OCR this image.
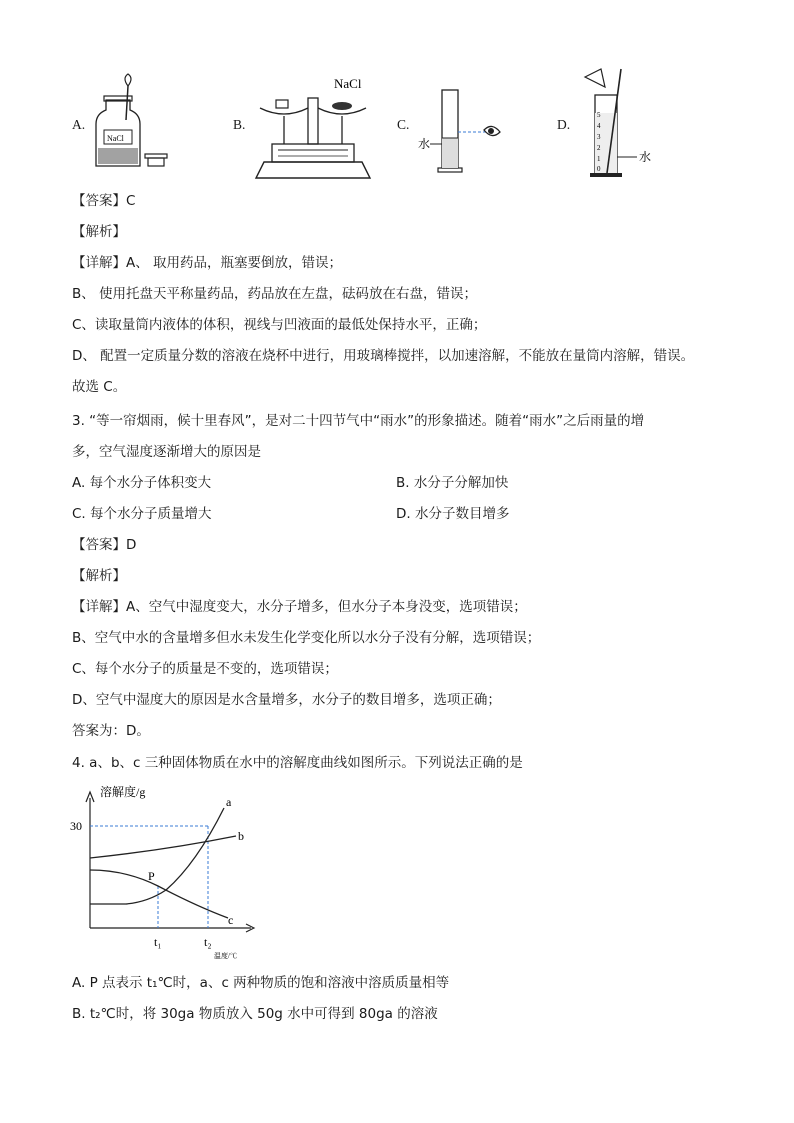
A.	B.	C.	D.
NaCl
NaCl
水
5
4
3
2
1
0
水
【答案】C
【解析】
【详解】A、 取用药品，瓶塞要倒放，错误；
B、 使用托盘天平称量药品，药品放在左盘，砝码放在右盘，错误；
C、读取量筒内液体的体积，视线与凹液面的最低处保持水平，正确；
D、 配置一定质量分数的溶液在烧杯中进行，用玻璃棒搅拌，以加速溶解，不能放在量筒内溶解，错误。
故选 C。
3. “等一帘烟雨，候十里春风”，是对二十四节气中“雨水”的形象描述。随着“雨水”之后雨量的增
多，空气湿度逐渐增大的原因是
A. 每个水分子体积变大	B. 水分子分解加快
C. 每个水分子质量增大	D. 水分子数目增多
【答案】D
【解析】
【详解】A、空气中湿度变大，水分子增多，但水分子本身没变，选项错误；
B、空气中水的含量增多但水未发生化学变化所以水分子没有分解，选项错误；
C、每个水分子的质量是不变的，选项错误；
D、空气中湿度大的原因是水含量增多，水分子的数目增多，选项正确；
答案为：D。
4. a、b、c 三种固体物质在水中的溶解度曲线如图所示。下列说法正确的是
溶解度/g
温度/℃
30
t₁	t₂
a
b
c
P
A. P 点表示 t₁℃时，a、c 两种物质的饱和溶液中溶质质量相等
B. t₂℃时，将 30ga 物质放入 50g 水中可得到 80ga 的溶液
